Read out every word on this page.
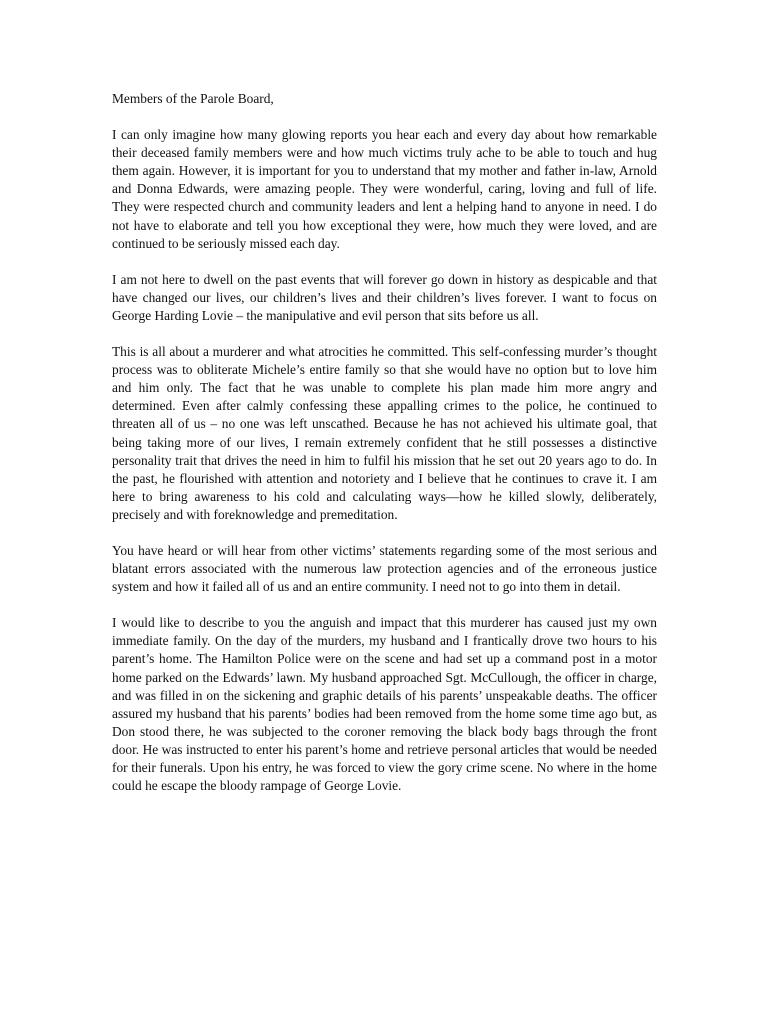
Members of the Parole Board,
I can only imagine how many glowing reports you hear each and every day about how remarkable their deceased family members were and how much victims truly ache to be able to touch and hug them again. However, it is important for you to understand that my mother and father in-law, Arnold and Donna Edwards, were amazing people. They were wonderful, caring, loving and full of life. They were respected church and community leaders and lent a helping hand to anyone in need. I do not have to elaborate and tell you how exceptional they were, how much they were loved, and are continued to be seriously missed each day.
I am not here to dwell on the past events that will forever go down in history as despicable and that have changed our lives, our children’s lives and their children’s lives forever. I want to focus on George Harding Lovie – the manipulative and evil person that sits before us all.
This is all about a murderer and what atrocities he committed. This self-confessing murder’s thought process was to obliterate Michele’s entire family so that she would have no option but to love him and him only. The fact that he was unable to complete his plan made him more angry and determined. Even after calmly confessing these appalling crimes to the police, he continued to threaten all of us – no one was left unscathed. Because he has not achieved his ultimate goal, that being taking more of our lives, I remain extremely confident that he still possesses a distinctive personality trait that drives the need in him to fulfil his mission that he set out 20 years ago to do. In the past, he flourished with attention and notoriety and I believe that he continues to crave it. I am here to bring awareness to his cold and calculating ways—how he killed slowly, deliberately, precisely and with foreknowledge and premeditation.
You have heard or will hear from other victims’ statements regarding some of the most serious and blatant errors associated with the numerous law protection agencies and of the erroneous justice system and how it failed all of us and an entire community. I need not to go into them in detail.
I would like to describe to you the anguish and impact that this murderer has caused just my own immediate family. On the day of the murders, my husband and I frantically drove two hours to his parent’s home. The Hamilton Police were on the scene and had set up a command post in a motor home parked on the Edwards’ lawn. My husband approached Sgt. McCullough, the officer in charge, and was filled in on the sickening and graphic details of his parents’ unspeakable deaths. The officer assured my husband that his parents’ bodies had been removed from the home some time ago but, as Don stood there, he was subjected to the coroner removing the black body bags through the front door. He was instructed to enter his parent’s home and retrieve personal articles that would be needed for their funerals. Upon his entry, he was forced to view the gory crime scene. No where in the home could he escape the bloody rampage of George Lovie.
